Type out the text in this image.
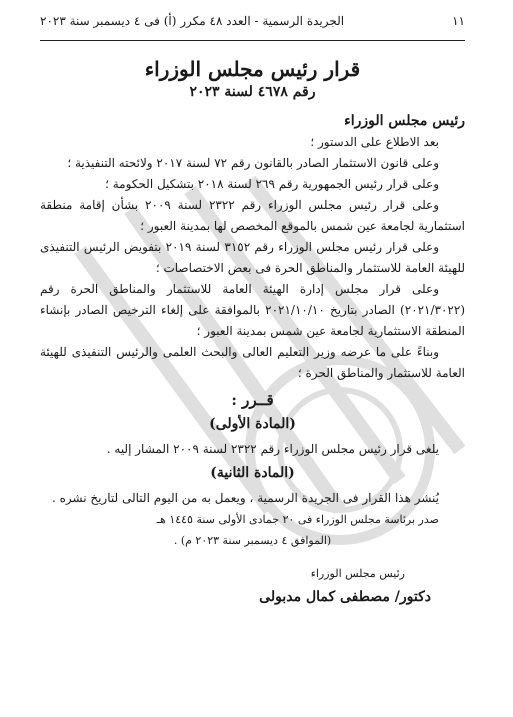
الجريدة الرسمية - العدد ٤٨ مكرر (أ) فى ٤ ديسمبر سنة ٢٠٢٣	١١
قرار رئيس مجلس الوزراء
رقم ٤٦٧٨ لسنة ٢٠٢٣
رئيس مجلس الوزراء

بعد الاطلاع على الدستور ؛

وعلى قانون الاستثمار الصادر بالقانون رقم ٧٢ لسنة ٢٠١٧ ولائحته التنفيذية ؛

وعلى قرار رئيس الجمهورية رقم ٢٦٩ لسنة ٢٠١٨ بتشكيل الحكومة ؛

وعلى قرار رئيس مجلس الوزراء رقم ٢٣٢٢ لسنة ٢٠٠٩ بشأن إقامة منطقة استثمارية لجامعة عين شمس بالموقع المخصص لها بمدينة العبور ؛

وعلى قرار رئيس مجلس الوزراء رقم ٣١٥٢ لسنة ٢٠١٩ بتفويض الرئيس التنفيذى للهيئة العامة للاستثمار والمناطق الحرة فى بعض الاختصاصات ؛

وعلى قرار مجلس إدارة الهيئة العامة للاستثمار والمناطق الحرة رقم (٢٠٢١/٣٠٢٢) الصادر بتاريخ ٢٠٢١/١٠/١٠ بالموافقة على إلغاء الترخيص الصادر بإنشاء المنطقة الاستثمارية لجامعة عين شمس بمدينة العبور ؛

وبناءً على ما عرضه وزير التعليم العالى والبحث العلمى والرئيس التنفيذى للهيئة العامة للاستثمار والمناطق الحرة ؛

قــرر :
(المادة الأولى)

يلغى قرار رئيس مجلس الوزراء رقم ٢٣٢٢ لسنة ٢٠٠٩ المشار إليه .

(المادة الثانية)

يُنشر هذا القرار فى الجريدة الرسمية ، ويعمل به من اليوم التالى لتاريخ نشره .

صدر برئاسة مجلس الوزراء فى ٢٠ جمادى الأولى سنة ١٤٤٥ هـ

(الموافق ٤ ديسمبر سنة ٢٠٢٣ م) .
رئيس مجلس الوزراء
دكتور/ مصطفى كمال مدبولى
